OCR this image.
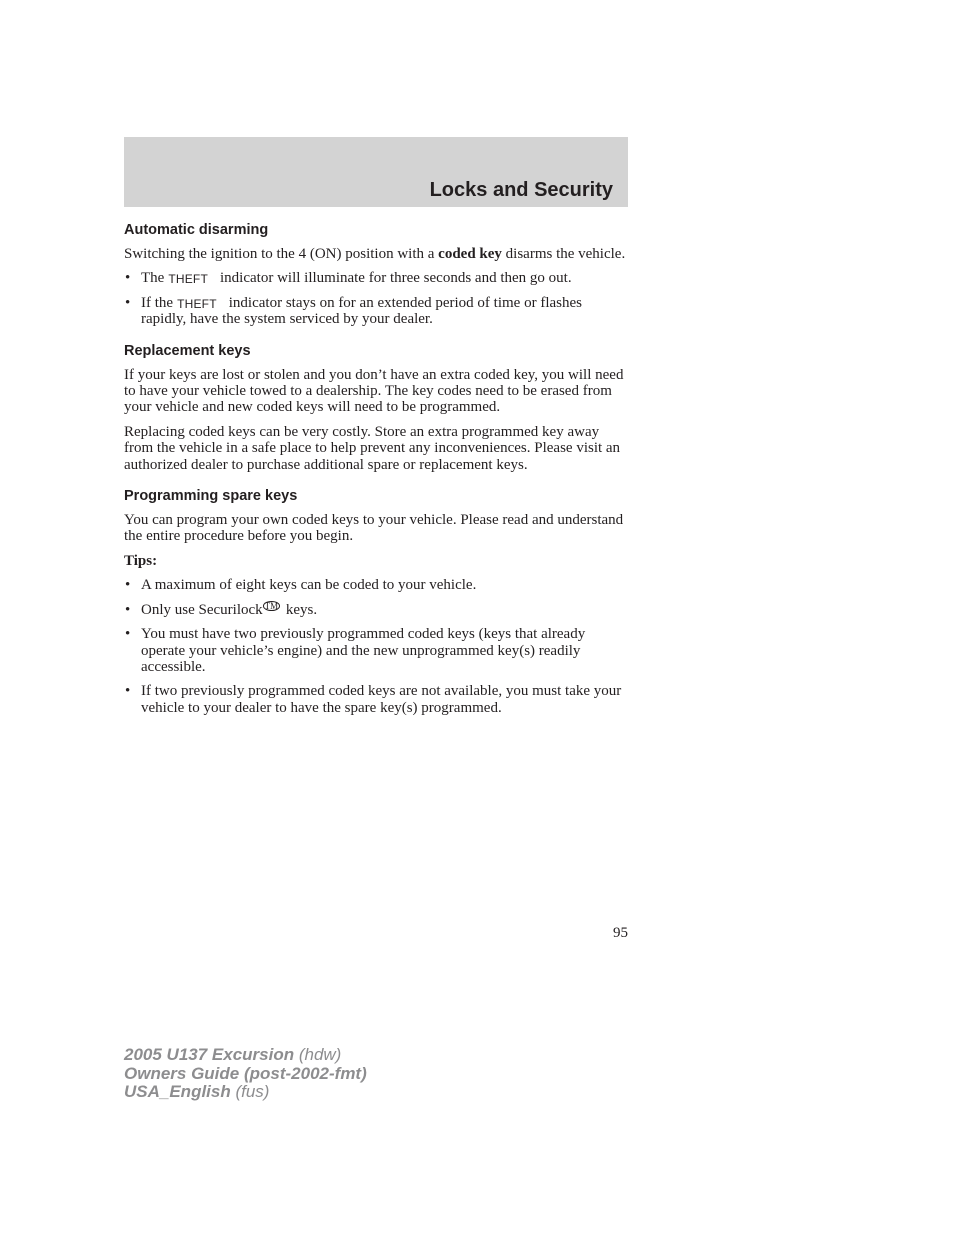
Locks and Security
Automatic disarming

Switching the ignition to the 4 (ON) position with a coded key disarms the vehicle.

• The THEFT indicator will illuminate for three seconds and then go out.
• If the THEFT indicator stays on for an extended period of time or flashes rapidly, have the system serviced by your dealer.
Replacement keys

If your keys are lost or stolen and you don’t have an extra coded key, you will need to have your vehicle towed to a dealership. The key codes need to be erased from your vehicle and new coded keys will need to be programmed.

Replacing coded keys can be very costly. Store an extra programmed key away from the vehicle in a safe place to help prevent any inconveniences. Please visit an authorized dealer to purchase additional spare or replacement keys.

Programming spare keys

You can program your own coded keys to your vehicle. Please read and understand the entire procedure before you begin.

Tips:

• A maximum of eight keys can be coded to your vehicle.
• Only use Securilock TM keys.
• You must have two previously programmed coded keys (keys that already operate your vehicle’s engine) and the new unprogrammed key(s) readily accessible.
• If two previously programmed coded keys are not available, you must take your vehicle to your dealer to have the spare key(s) programmed.

95

2005 U137 Excursion (hdw)
Owners Guide (post-2002-fmt)
USA_English (fus)
